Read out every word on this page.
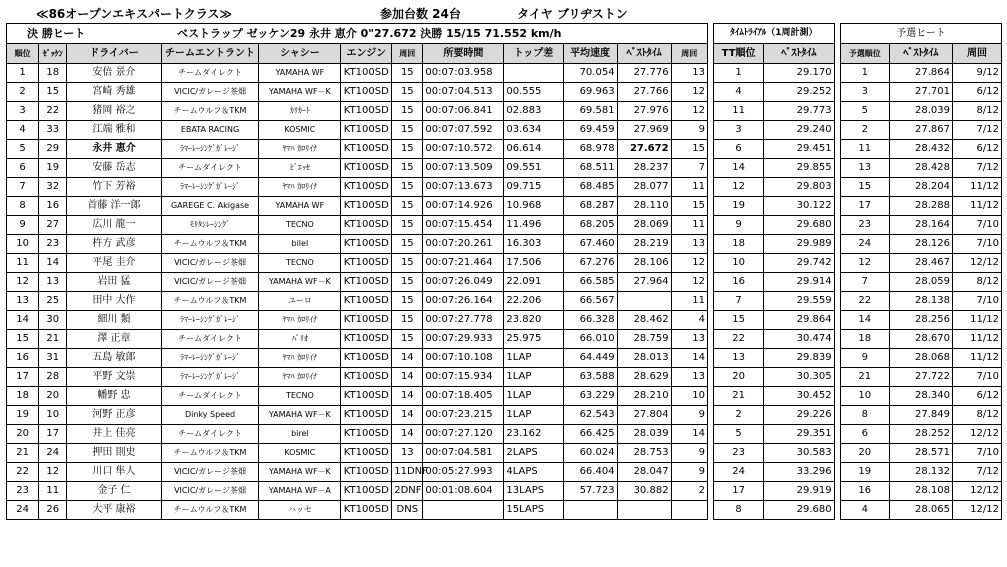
≪86オープンエキスパートクラス≫	参加台数 24台	タイヤ ブリヂストン
決 勝ヒート ベストラップ ゼッケン29 永井 恵介 0"27.672 決勝 15/15 71.552 km/h													ﾀｲﾑﾄﾗｲｱﾙ（1周計測）			予選ヒート		
順位	ｾﾞｯｹﾝ	ドライバー	チームエントラント	シャシー	エンジン	周回	所要時間	トップ差	平均速度	ﾍﾞｽﾄﾀｲﾑ	周回		TT順位	ﾍﾞｽﾄﾀｲﾑ		予選順位	ﾍﾞｽﾄﾀｲﾑ	周回
1	18	安倍 景介	チームダイレクト	YAMAHA WF	KT100SD	15	00:07:03.958		70.054	27.776	13		1	29.170		1	27.864	9/12
2	15	宮崎 秀雄	VICIC/ガレージ茶畑	YAMAHA WF－K	KT100SD	15	00:07:04.513	00.555	69.963	27.766	12		4	29.252		3	27.701	6/12
3	22	猪岡 裕之	チームウルフ＆TKM	ｶﾘｶｰﾄ	KT100SD	15	00:07:06.841	02.883	69.581	27.976	12		11	29.773		5	28.039	8/12
4	33	江端 雅和	EBATA RACING	KOSMIC	KT100SD	15	00:07:07.592	03.634	69.459	27.969	9		3	29.240		2	27.867	7/12
5	29	永井 恵介	ﾗﾏｰﾚｰｼﾝｸﾞｶﾞﾚｰｼﾞ	ﾔﾏﾊ ｶﾛﾘｲﾅ	KT100SD	15	00:07:10.572	06.614	68.978	27.672	15		6	29.451		11	28.432	6/12
6	19	安藤 岳志	チームダイレクト	ﾋﾞｴｯｾ	KT100SD	15	00:07:13.509	09.551	68.511	28.237	7		14	29.855		13	28.428	7/12
7	32	竹下 芳裕	ﾗﾏｰﾚｰｼﾝｸﾞｶﾞﾚｰｼﾞ	ﾔﾏﾊ ｶﾛﾘｲﾅ	KT100SD	15	00:07:13.673	09.715	68.485	28.077	11		12	29.803		15	28.204	11/12
8	16	首藤 洋一郎	GAREGE C. Akigase	YAMAHA WF	KT100SD	15	00:07:14.926	10.968	68.287	28.110	15		19	30.122		17	28.288	11/12
9	27	広川 龍一	ﾓﾘﾀｼﾚｰｼﾝｸﾞ	TECNO	KT100SD	15	00:07:15.454	11.496	68.205	28.069	11		9	29.680		23	28.164	7/10
10	23	杵方 武彦	チームウルフ＆TKM	bilel	KT100SD	15	00:07:20.261	16.303	67.460	28.219	13		18	29.989		24	28.126	7/10
11	14	平尾 圭介	VICIC/ガレージ茶畑	TECNO	KT100SD	15	00:07:21.464	17.506	67.276	28.106	12		10	29.742		12	28.467	12/12
12	13	岩田 猛	VICIC/ガレージ茶畑	YAMAHA WF－K	KT100SD	15	00:07:26.049	22.091	66.585	27.964	12		16	29.914		7	28.059	8/12
13	25	田中 大作	チームウルフ＆TKM	ユーロ	KT100SD	15	00:07:26.164	22.206	66.567		11		7	29.559		22	28.138	7/10
14	30	細川 類	ﾗﾏｰﾚｰｼﾝｸﾞｶﾞﾚｰｼﾞ	ﾔﾏﾊ ｶﾛﾘｲﾅ	KT100SD	15	00:07:27.778	23.820	66.328	28.462	4		15	29.864		14	28.256	11/12
15	21	澤 正章	チームダイレクト	ﾊﾟﾘｵ	KT100SD	15	00:07:29.933	25.975	66.010	28.759	13		22	30.474		18	28.670	11/12
16	31	五島 敏郎	ﾗﾏｰﾚｰｼﾝｸﾞｶﾞﾚｰｼﾞ	ﾔﾏﾊ ｶﾛﾘｲﾅ	KT100SD	14	00:07:10.108	1LAP	64.449	28.013	14		13	29.839		9	28.068	11/12
17	28	平野 文崇	ﾗﾏｰﾚｰｼﾝｸﾞｶﾞﾚｰｼﾞ	ﾔﾏﾊ ｶﾛﾘｲﾅ	KT100SD	14	00:07:15.934	1LAP	63.588	28.629	13		20	30.305		21	27.722	7/10
18	20	幡野 忠	チームダイレクト	TECNO	KT100SD	14	00:07:18.405	1LAP	63.229	28.210	10		21	30.452		10	28.340	6/12
19	10	河野 正彦	Dinky Speed	YAMAHA WF－K	KT100SD	14	00:07:23.215	1LAP	62.543	27.804	9		2	29.226		8	27.849	8/12
20	17	井上 佳亮	チームダイレクト	birel	KT100SD	14	00:07:27.120	23.162	66.425	28.039	14		5	29.351		6	28.252	12/12
21	24	押田 則史	チームウルフ＆TKM	KOSMIC	KT100SD	13	00:07:04.581	2LAPS	60.024	28.753	9		23	30.583		20	28.571	7/10
22	12	川口 隼人	VICIC/ガレージ茶畑	YAMAHA WF－K	KT100SD	11DNF	00:05:27.993	4LAPS	66.404	28.047	9		24	33.296		19	28.132	7/12
23	11	金子 仁	VICIC/ガレージ茶畑	YAMAHA WF－A	KT100SD	2DNF	00:01:08.604	13LAPS	57.723	30.882	2		17	29.919		16	28.108	12/12
24	26	大平 康裕	チームウルフ＆TKM	ハッセ	KT100SD	DNS		15LAPS					8	29.680		4	28.065	12/12
